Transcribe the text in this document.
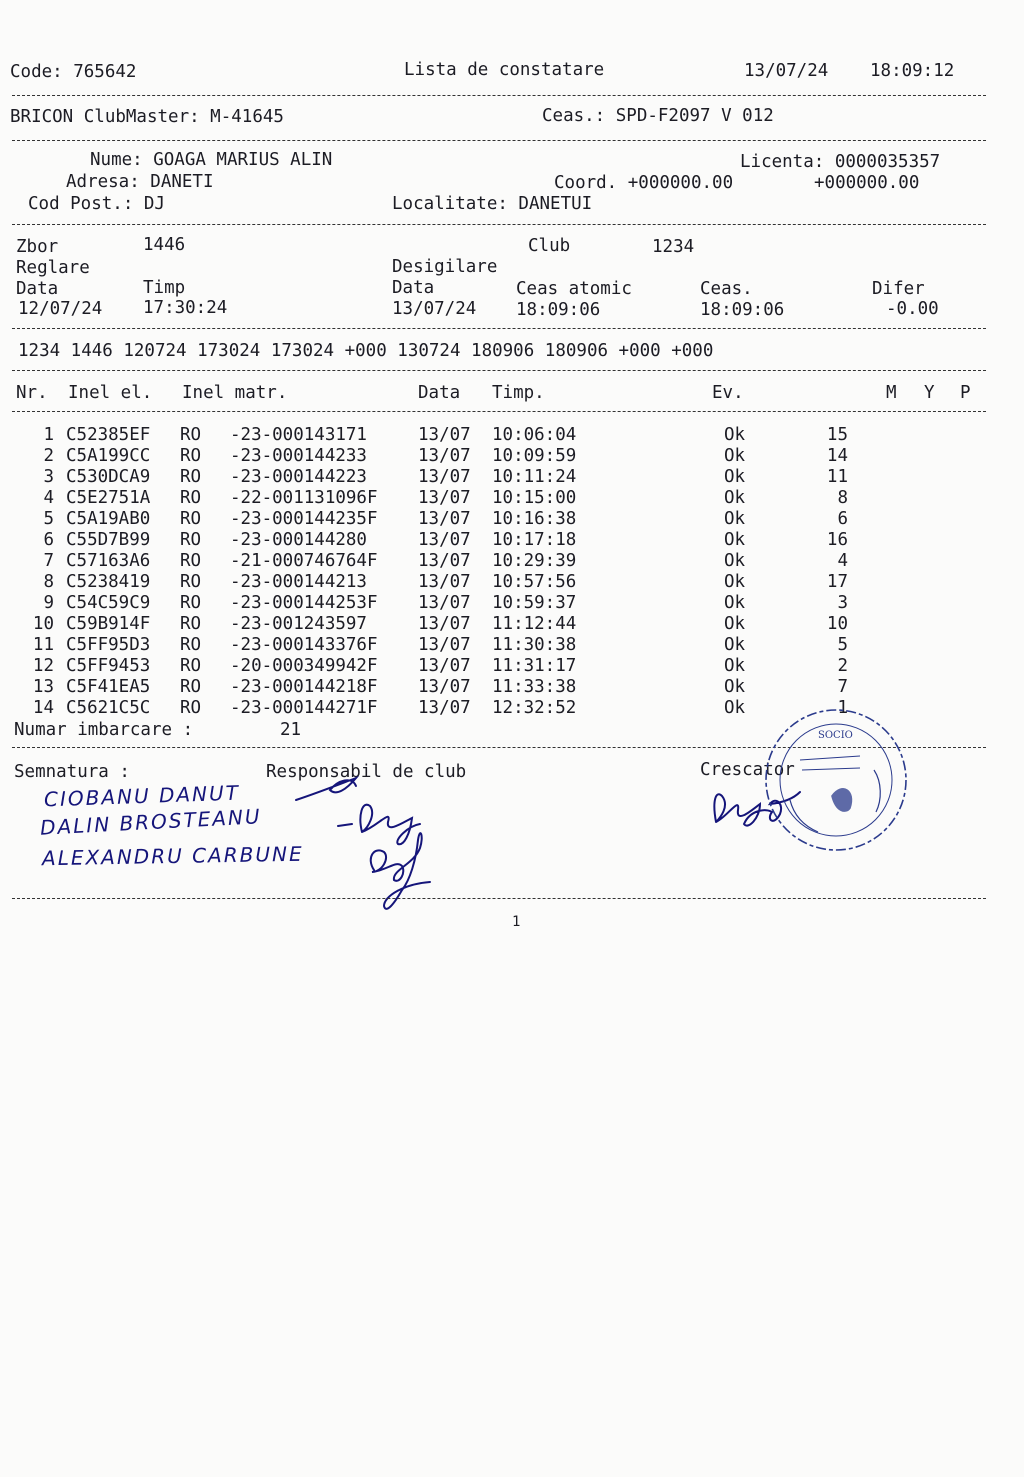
Code: 765642	Lista de constatare	13/07/24 18:09:12
BRICON ClubMaster: M-41645	Ceas.: SPD-F2097 V 012
Nume: GOAGA MARIUS ALIN	Licenta: 0000035357
Adresa: DANETI	Coord. +000000.00	+000000.00
Cod Post.: DJ	Localitate: DANETUI
Zbor	1446	Club	1234
Reglare	Desigilare
Data	Timp	Data	Ceas atomic	Ceas.	Difer
12/07/24 17:30:24	13/07/24 18:09:06	18:09:06	-0.00
1234 1446 120724 173024 173024 +000 130724 180906 180906 +000 +000
Nr. Inel el. Inel matr.	Data Timp.	Ev.	M Y P
1 C52385EF RO -23-000143171	13/07 10:06:04	Ok	15
2 C5A199CC RO -23-000144233	13/07 10:09:59	Ok	14
3 C530DCA9 RO -23-000144223	13/07 10:11:24	Ok	11
4 C5E2751A RO -22-001131096F 13/07 10:15:00	Ok	8
5 C5A19AB0 RO -23-000144235F 13/07 10:16:38	Ok	6
6 C55D7B99 RO -23-000144280	13/07 10:17:18	Ok	16
7 C57163A6 RO -21-000746764F 13/07 10:29:39	Ok	4
8 C5238419 RO -23-000144213	13/07 10:57:56	Ok	17
9 C54C59C9 RO -23-000144253F 13/07 10:59:37	Ok	3
10 C59B914F RO -23-001243597	13/07 11:12:44	Ok	10
11 C5FF95D3 RO -23-000143376F 13/07 11:30:38	Ok	5
12 C5FF9453 RO -20-000349942F 13/07 11:31:17	Ok	2
13 C5F41EA5 RO -23-000144218F 13/07 11:33:38	Ok	7
14 C5621C5C RO -23-000144271F 13/07 12:32:52	Ok	1
Numar imbarcare :	21
Semnatura :	Responsabil de club	Crescator
CIOBANU DANUT
DALIN BROSTEANU
ALEXANDRU CARBUNE
SOCIO
1
